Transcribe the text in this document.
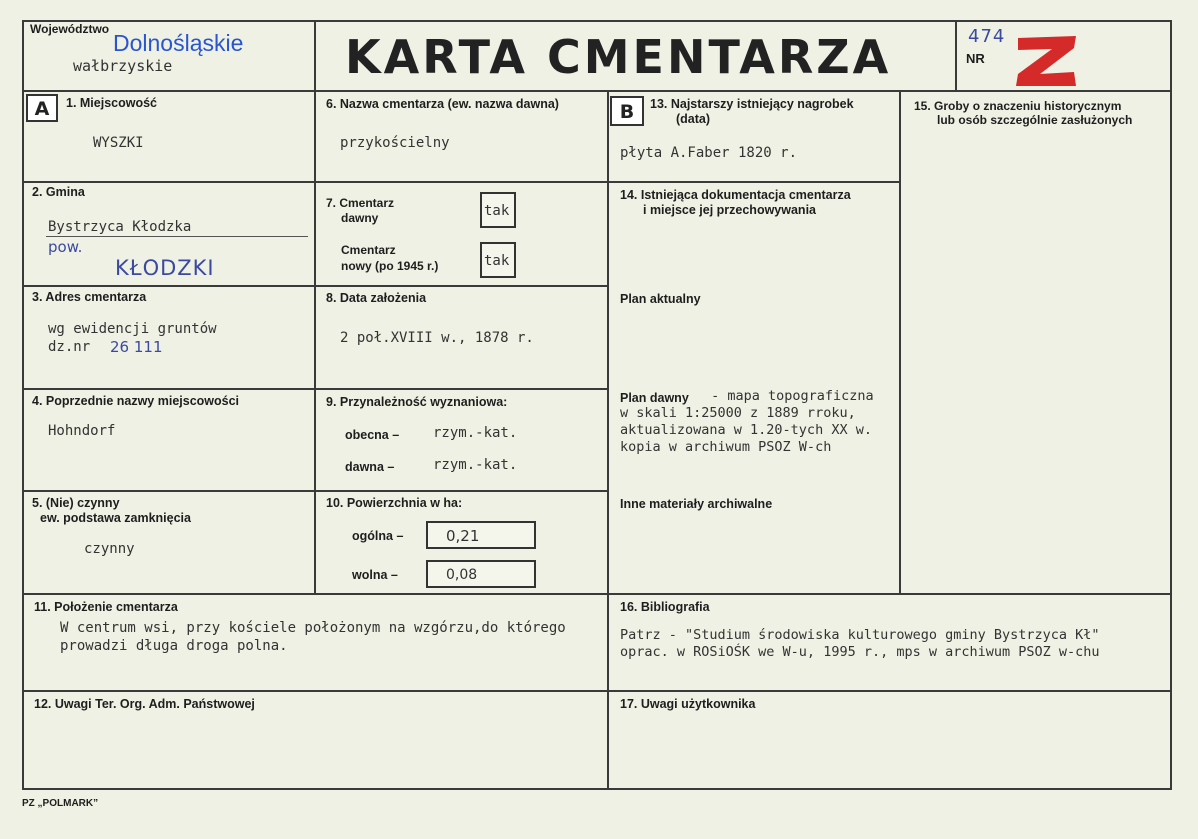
Województwo
Dolnośląskie
wałbrzyskie	KARTA CMENTARZA	474
NR
A	B
1. Miejscowość
WYSZKI
6. Nazwa cmentarza (ew. nazwa dawna)
przykościelny
13. Najstarszy istniejący nagrobek
(data)
płyta A.Faber 1820 r.
15. Groby o znaczeniu historycznym
lub osób szczególnie zasłużonych
2. Gmina
Bystrzyca Kłodzka
pow.
KŁODZKI
7. Cmentarz
dawny	tak
Cmentarz
nowy (po 1945 r.)	tak
14. Istniejąca dokumentacja cmentarza
i miejsce jej przechowywania
Plan aktualny
3. Adres cmentarza
wg ewidencji gruntów
dz.nr 26 111
8. Data założenia
2 poł.XVIII w., 1878 r.
4. Poprzednie nazwy miejscowości
Hohndorf
9. Przynależność wyznaniowa:
obecna – rzym.-kat.
dawna –	rzym.-kat.
Plan dawny - mapa topograficzna
w skali 1:25000 z 1889 rroku,
aktualizowana w 1.20-tych XX w.
kopia w archiwum PSOZ W-ch
5. (Nie) czynny
ew. podstawa zamknięcia
czynny
10. Powierzchnia w ha:
ogólna –	0,21
wolna –	0,08
Inne materiały archiwalne
11. Położenie cmentarza
W centrum wsi, przy kościele położonym na wzgórzu,do którego
prowadzi długa droga polna.
16. Bibliografia
Patrz - "Studium środowiska kulturowego gminy Bystrzyca Kł"
oprac. w ROSiOŚK we W-u, 1995 r., mps w archiwum PSOZ w-chu
12. Uwagi Ter. Org. Adm. Państwowej	17. Uwagi użytkownika
PZ „POLMARK”
